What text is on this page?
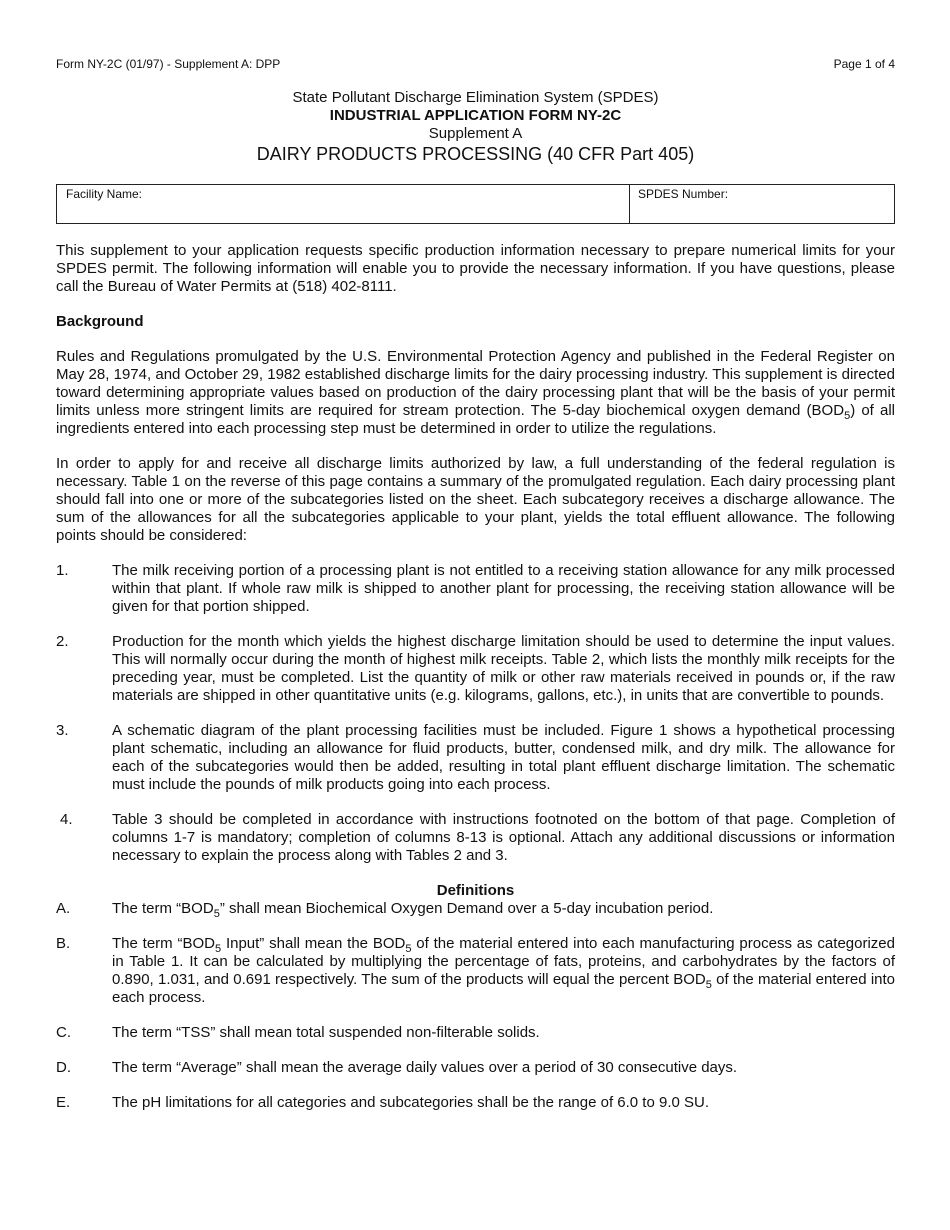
Form NY-2C (01/97) - Supplement A: DPP	Page 1 of 4
State Pollutant Discharge Elimination System (SPDES)
INDUSTRIAL APPLICATION FORM NY-2C
Supplement A
DAIRY PRODUCTS PROCESSING (40 CFR Part 405)
Facility Name:	SPDES Number:

This supplement to your application requests specific production information necessary to prepare numerical limits for your SPDES permit. The following information will enable you to provide the necessary information. If you have questions, please call the Bureau of Water Permits at (518) 402-8111.

Background

Rules and Regulations promulgated by the U.S. Environmental Protection Agency and published in the Federal Register on May 28, 1974, and October 29, 1982 established discharge limits for the dairy processing industry. This supplement is directed toward determining appropriate values based on production of the dairy processing plant that will be the basis of your permit limits unless more stringent limits are required for stream protection. The 5-day biochemical oxygen demand $(BOD_5)$ of all ingredients entered into each processing step must be determined in order to utilize the regulations.

In order to apply for and receive all discharge limits authorized by law, a full understanding of the federal regulation is necessary. Table 1 on the reverse of this page contains a summary of the promulgated regulation. Each dairy processing plant should fall into one or more of the subcategories listed on the sheet. Each subcategory receives a discharge allowance. The sum of the allowances for all the subcategories applicable to your plant, yields the total effluent allowance. The following points should be considered:

1.	The milk receiving portion of a processing plant is not entitled to a receiving station allowance for any milk processed within that plant. If whole raw milk is shipped to another plant for processing, the receiving station allowance will be given for that portion shipped.

2.	Production for the month which yields the highest discharge limitation should be used to determine the input values. This will normally occur during the month of highest milk receipts. Table 2, which lists the monthly milk receipts for the preceding year, must be completed. List the quantity of milk or other raw materials received in pounds or, if the raw materials are shipped in other quantitative units (e.g. kilograms, gallons, etc.), in units that are convertible to pounds.

3.	A schematic diagram of the plant processing facilities must be included. Figure 1 shows a hypothetical processing plant schematic, including an allowance for fluid products, butter, condensed milk, and dry milk. The allowance for each of the subcategories would then be added, resulting in total plant effluent discharge limitation. The schematic must include the pounds of milk products going into each process.

4.	Table 3 should be completed in accordance with instructions footnoted on the bottom of that page. Completion of columns 1-7 is mandatory; completion of columns 8-13 is optional. Attach any additional discussions or information necessary to explain the process along with Tables 2 and 3.

Definitions
A.	The term “$BOD_5$” shall mean Biochemical Oxygen Demand over a 5-day incubation period.

B.	The term “$BOD_5$ Input” shall mean the $BOD_5$ of the material entered into each manufacturing process as categorized in Table 1. It can be calculated by multiplying the percentage of fats, proteins, and carbohydrates by the factors of 0.890, 1.031, and 0.691 respectively. The sum of the products will equal the percent $BOD_5$ of the material entered into each process.

C.	The term “TSS” shall mean total suspended non-filterable solids.

D.	The term “Average” shall mean the average daily values over a period of 30 consecutive days.

E.	The pH limitations for all categories and subcategories shall be the range of 6.0 to 9.0 SU.
